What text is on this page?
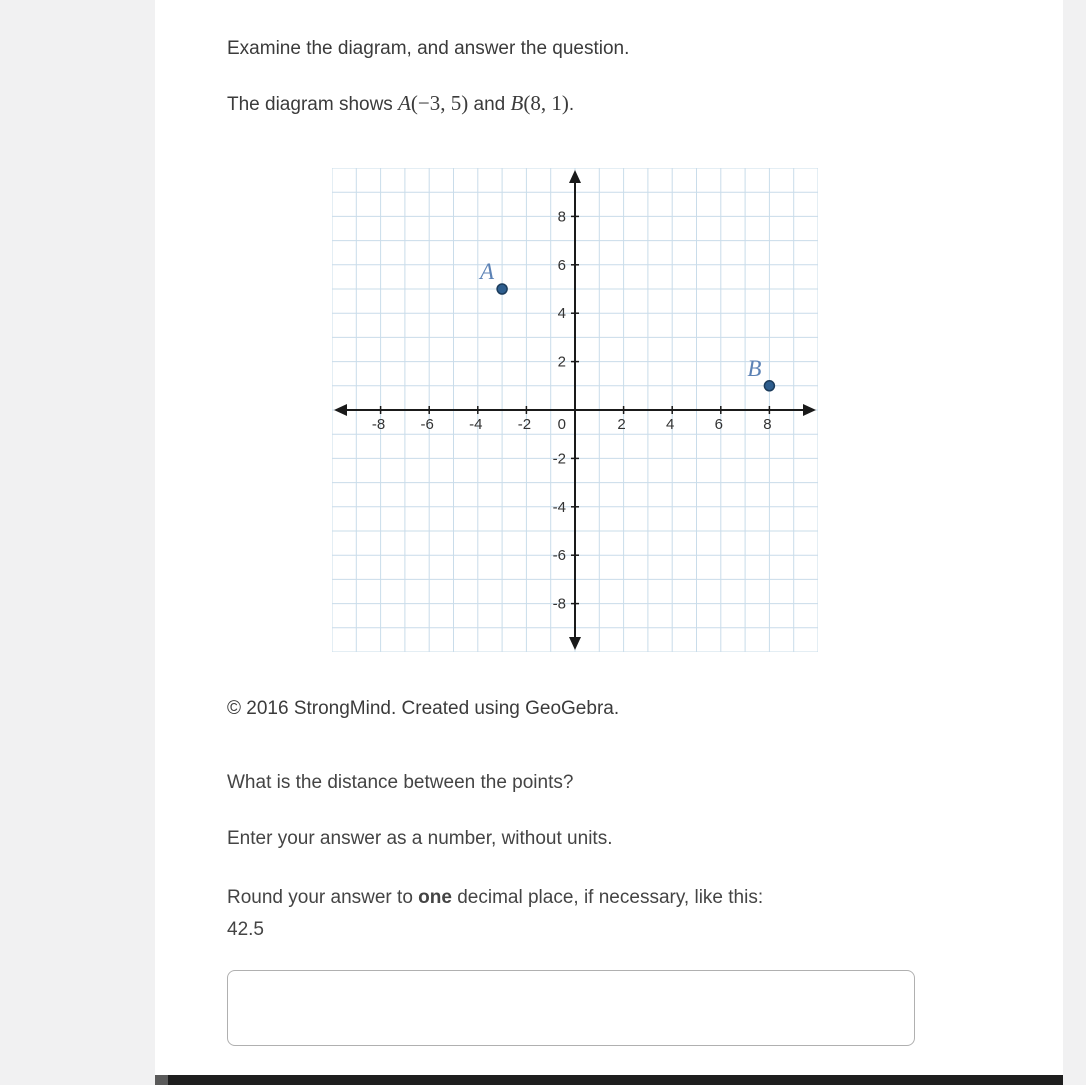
Examine the diagram, and answer the question.

The diagram shows A(−3, 5) and B(8, 1).

-8 -6 -4 -2	2	4	6	8
8
6
4
2
-2
-4
-6
-8
0
A
B

© 2016 StrongMind. Created using GeoGebra.

What is the distance between the points?

Enter your answer as a number, without units.

Round your answer to one decimal place, if necessary, like this:
42.5
